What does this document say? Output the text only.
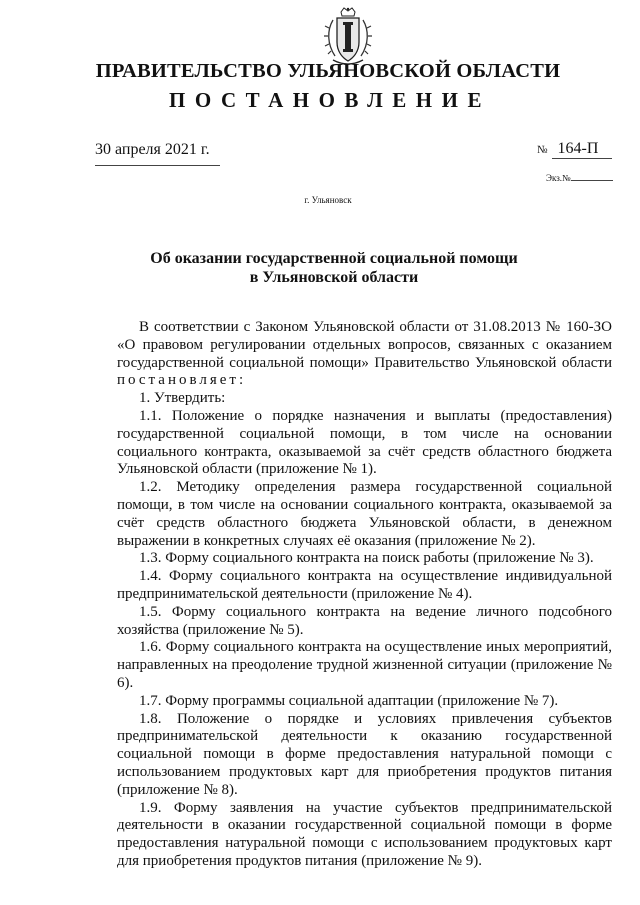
ПРАВИТЕЛЬСТВО УЛЬЯНОВСКОЙ ОБЛАСТИ
ПОСТАНОВЛЕНИЕ
30 апреля 2021 г.	№ 164-П
Экз.№
г. Ульяновск
Об оказании государственной социальной помощи
в Ульяновской области

В соответствии с Законом Ульяновской области от 31.08.2013 № 160-ЗО «О правовом регулировании отдельных вопросов, связанных с оказанием государственной социальной помощи» Правительство Ульяновской области постановляет:

1. Утвердить:

1.1. Положение о порядке назначения и выплаты (предоставления) государственной социальной помощи, в том числе на основании социального контракта, оказываемой за счёт средств областного бюджета Ульяновской области (приложение № 1).

1.2. Методику определения размера государственной социальной помощи, в том числе на основании социального контракта, оказываемой за счёт средств областного бюджета Ульяновской области, в денежном выражении в конкретных случаях её оказания (приложение № 2).

1.3. Форму социального контракта на поиск работы (приложение № 3).

1.4. Форму социального контракта на осуществление индивидуальной предпринимательской деятельности (приложение № 4).

1.5. Форму социального контракта на ведение личного подсобного хозяйства (приложение № 5).

1.6. Форму социального контракта на осуществление иных мероприятий, направленных на преодоление трудной жизненной ситуации (приложение № 6).

1.7. Форму программы социальной адаптации (приложение № 7).

1.8. Положение о порядке и условиях привлечения субъектов предпринимательской деятельности к оказанию государственной социальной помощи в форме предоставления натуральной помощи с использованием продуктовых карт для приобретения продуктов питания (приложение № 8).

1.9. Форму заявления на участие субъектов предпринимательской деятельности в оказании государственной социальной помощи в форме предоставления натуральной помощи с использованием продуктовых карт для приобретения продуктов питания (приложение № 9).
